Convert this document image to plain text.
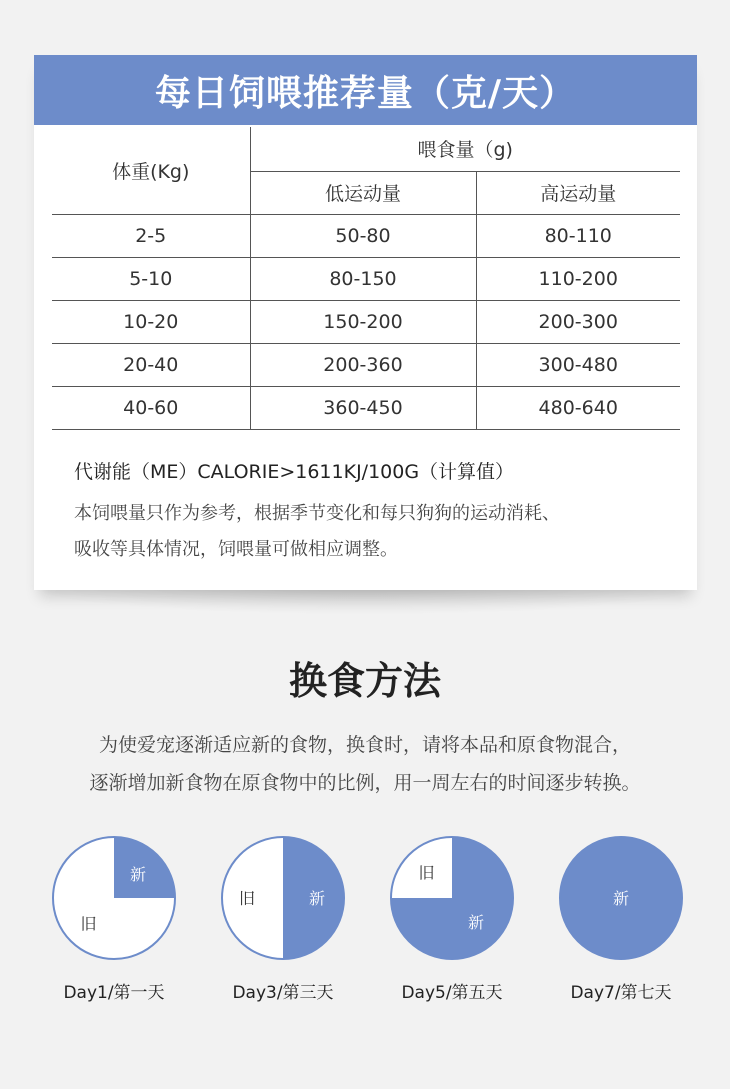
每日饲喂推荐量（克/天）
体重(Kg)	喂食量（g)	
	低运动量	高运动量
2-5	50-80	80-110
5-10	80-150	110-200
10-20	150-200	200-300
20-40	200-360	300-480
40-60	360-450	480-640
代谢能（ME）CALORIE>1611KJ/100G（计算值）
本饲喂量只作为参考，根据季节变化和每只狗狗的运动消耗、
吸收等具体情况，饲喂量可做相应调整。
换食方法
为使爱宠逐渐适应新的食物，换食时，请将本品和原食物混合，
逐渐增加新食物在原食物中的比例，用一周左右的时间逐步转换。
新
旧
Day1/第一天
新
旧
Day3/第三天
新
旧
Day5/第五天
新
Day7/第七天
